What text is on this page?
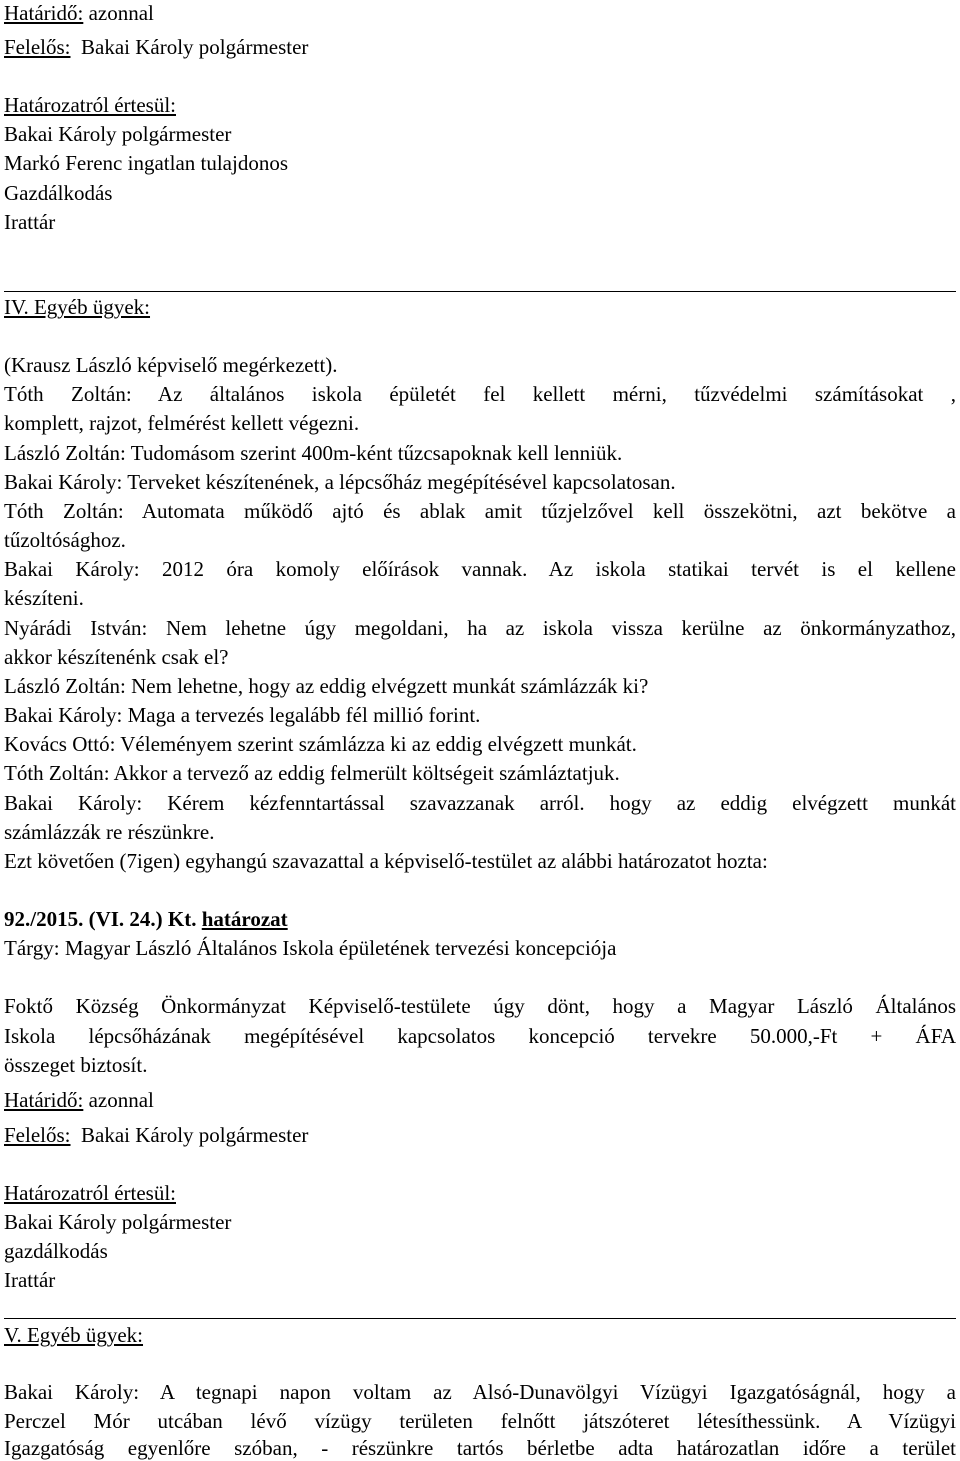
Határidő: azonnal
Felelős: Bakai Károly polgármester
Határozatról értesül:
Bakai Károly polgármester
Markó Ferenc ingatlan tulajdonos
Gazdálkodás
Irattár
IV. Egyéb ügyek:
(Krausz László képviselő megérkezett).
Tóth Zoltán: Az általános iskola épületét fel kellett mérni, tűzvédelmi számításokat ,
komplett, rajzot, felmérést kellett végezni.
László Zoltán: Tudomásom szerint 400m-ként tűzcsapoknak kell lenniük.
Bakai Károly: Terveket készítenének, a lépcsőház megépítésével kapcsolatosan.
Tóth Zoltán: Automata működő ajtó és ablak amit tűzjelzővel kell összekötni, azt bekötve a
tűzoltósághoz.
Bakai Károly: 2012 óra komoly előírások vannak. Az iskola statikai tervét is el kellene
készíteni.
Nyárádi István: Nem lehetne úgy megoldani, ha az iskola vissza kerülne az önkormányzathoz,
akkor készítenénk csak el?
László Zoltán: Nem lehetne, hogy az eddig elvégzett munkát számlázzák ki?
Bakai Károly: Maga a tervezés legalább fél millió forint.
Kovács Ottó: Véleményem szerint számlázza ki az eddig elvégzett munkát.
Tóth Zoltán: Akkor a tervező az eddig felmerült költségeit számláztatjuk.
Bakai Károly: Kérem kézfenntartással szavazzanak arról. hogy az eddig elvégzett munkát
számlázzák re részünkre.
Ezt követően (7igen) egyhangú szavazattal a képviselő-testület az alábbi határozatot hozta:
92./2015. (VI. 24.) Kt. határozat
Tárgy: Magyar László Általános Iskola épületének tervezési koncepciója
Foktő Község Önkormányzat Képviselő-testülete úgy dönt, hogy a Magyar László Általános
Iskola lépcsőházának megépítésével kapcsolatos koncepció tervekre 50.000,-Ft + ÁFA
összeget biztosít.
Határidő: azonnal
Felelős: Bakai Károly polgármester
Határozatról értesül:
Bakai Károly polgármester
gazdálkodás
Irattár
V. Egyéb ügyek:
Bakai Károly: A tegnapi napon voltam az Alsó-Dunavölgyi Vízügyi Igazgatóságnál, hogy a
Perczel Mór utcában lévő vízügy területen felnőtt játszóteret létesíthessünk. A Vízügyi
Igazgatóság egyenlőre szóban, - részünkre tartós bérletbe adta határozatlan időre a terület
